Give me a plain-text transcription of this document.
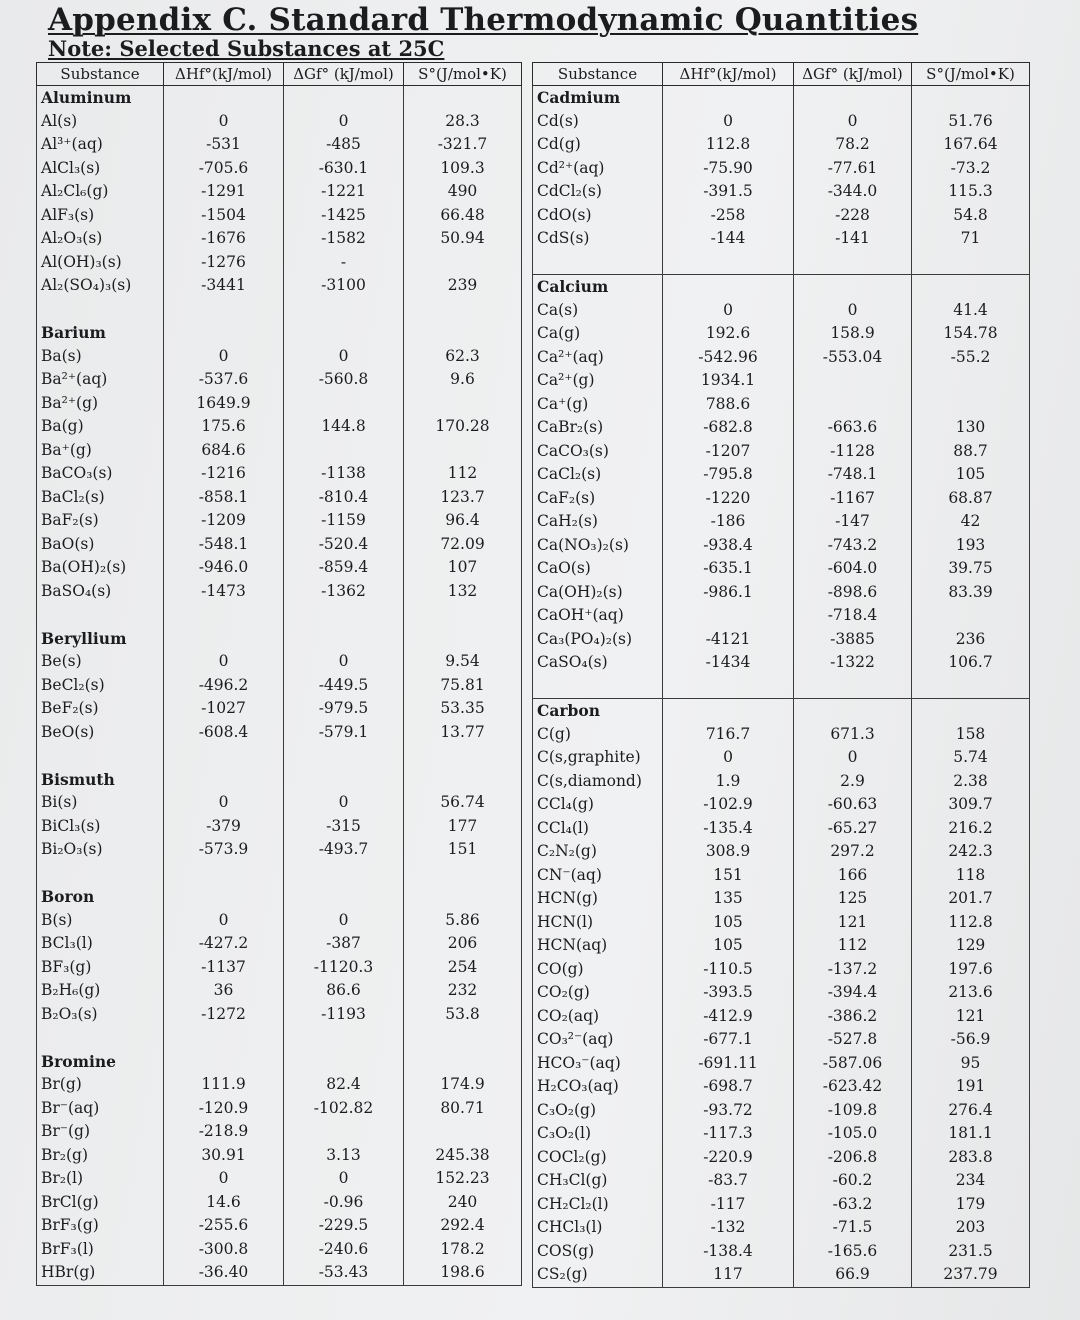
Appendix C. Standard Thermodynamic Quantities
Note: Selected Substances at 25C
Substance	ΔHf°(kJ/mol)	ΔGf° (kJ/mol)	S°(J/mol•K)
Aluminum			
Al(s)	0	0	28.3
Al³⁺(aq)	-531	-485	-321.7
AlCl₃(s)	-705.6	-630.1	109.3
Al₂Cl₆(g)	-1291	-1221	490
AlF₃(s)	-1504	-1425	66.48
Al₂O₃(s)	-1676	-1582	50.94
Al(OH)₃(s)	-1276	-	
Al₂(SO₄)₃(s)	-3441	-3100	239

Barium			
Ba(s)	0	0	62.3
Ba²⁺(aq)	-537.6	-560.8	9.6
Ba²⁺(g)	1649.9		
Ba(g)	175.6	144.8	170.28
Ba⁺(g)	684.6		
BaCO₃(s)	-1216	-1138	112
BaCl₂(s)	-858.1	-810.4	123.7
BaF₂(s)	-1209	-1159	96.4
BaO(s)	-548.1	-520.4	72.09
Ba(OH)₂(s)	-946.0	-859.4	107
BaSO₄(s)	-1473	-1362	132

Beryllium			
Be(s)	0	0	9.54
BeCl₂(s)	-496.2	-449.5	75.81
BeF₂(s)	-1027	-979.5	53.35
BeO(s)	-608.4	-579.1	13.77

Bismuth			
Bi(s)	0	0	56.74
BiCl₃(s)	-379	-315	177
Bi₂O₃(s)	-573.9	-493.7	151

Boron			
B(s)	0	0	5.86
BCl₃(l)	-427.2	-387	206
BF₃(g)	-1137	-1120.3	254
B₂H₆(g)	36	86.6	232
B₂O₃(s)	-1272	-1193	53.8

Bromine			
Br(g)	111.9	82.4	174.9
Br⁻(aq)	-120.9	-102.82	80.71
Br⁻(g)	-218.9		
Br₂(g)	30.91	3.13	245.38
Br₂(l)	0	0	152.23
BrCl(g)	14.6	-0.96	240
BrF₃(g)	-255.6	-229.5	292.4
BrF₃(l)	-300.8	-240.6	178.2
HBr(g)	-36.40	-53.43	198.6
Substance	ΔHf°(kJ/mol)	ΔGf° (kJ/mol)	S°(J/mol•K)
Cadmium			
Cd(s)	0	0	51.76
Cd(g)	112.8	78.2	167.64
Cd²⁺(aq)	-75.90	-77.61	-73.2
CdCl₂(s)	-391.5	-344.0	115.3
CdO(s)	-258	-228	54.8
CdS(s)	-144	-141	71

Calcium			
Ca(s)	0	0	41.4
Ca(g)	192.6	158.9	154.78
Ca²⁺(aq)	-542.96	-553.04	-55.2
Ca²⁺(g)	1934.1		
Ca⁺(g)	788.6		
CaBr₂(s)	-682.8	-663.6	130
CaCO₃(s)	-1207	-1128	88.7
CaCl₂(s)	-795.8	-748.1	105
CaF₂(s)	-1220	-1167	68.87
CaH₂(s)	-186	-147	42
Ca(NO₃)₂(s)	-938.4	-743.2	193
CaO(s)	-635.1	-604.0	39.75
Ca(OH)₂(s)	-986.1	-898.6	83.39
CaOH⁺(aq)		-718.4	
Ca₃(PO₄)₂(s)	-4121	-3885	236
CaSO₄(s)	-1434	-1322	106.7

Carbon			
C(g)	716.7	671.3	158
C(s,graphite)	0	0	5.74
C(s,diamond)	1.9	2.9	2.38
CCl₄(g)	-102.9	-60.63	309.7
CCl₄(l)	-135.4	-65.27	216.2
C₂N₂(g)	308.9	297.2	242.3
CN⁻(aq)	151	166	118
HCN(g)	135	125	201.7
HCN(l)	105	121	112.8
HCN(aq)	105	112	129
CO(g)	-110.5	-137.2	197.6
CO₂(g)	-393.5	-394.4	213.6
CO₂(aq)	-412.9	-386.2	121
CO₃²⁻(aq)	-677.1	-527.8	-56.9
HCO₃⁻(aq)	-691.11	-587.06	95
H₂CO₃(aq)	-698.7	-623.42	191
C₃O₂(g)	-93.72	-109.8	276.4
C₃O₂(l)	-117.3	-105.0	181.1
COCl₂(g)	-220.9	-206.8	283.8
CH₃Cl(g)	-83.7	-60.2	234
CH₂Cl₂(l)	-117	-63.2	179
CHCl₃(l)	-132	-71.5	203
COS(g)	-138.4	-165.6	231.5
CS₂(g)	117	66.9	237.79
